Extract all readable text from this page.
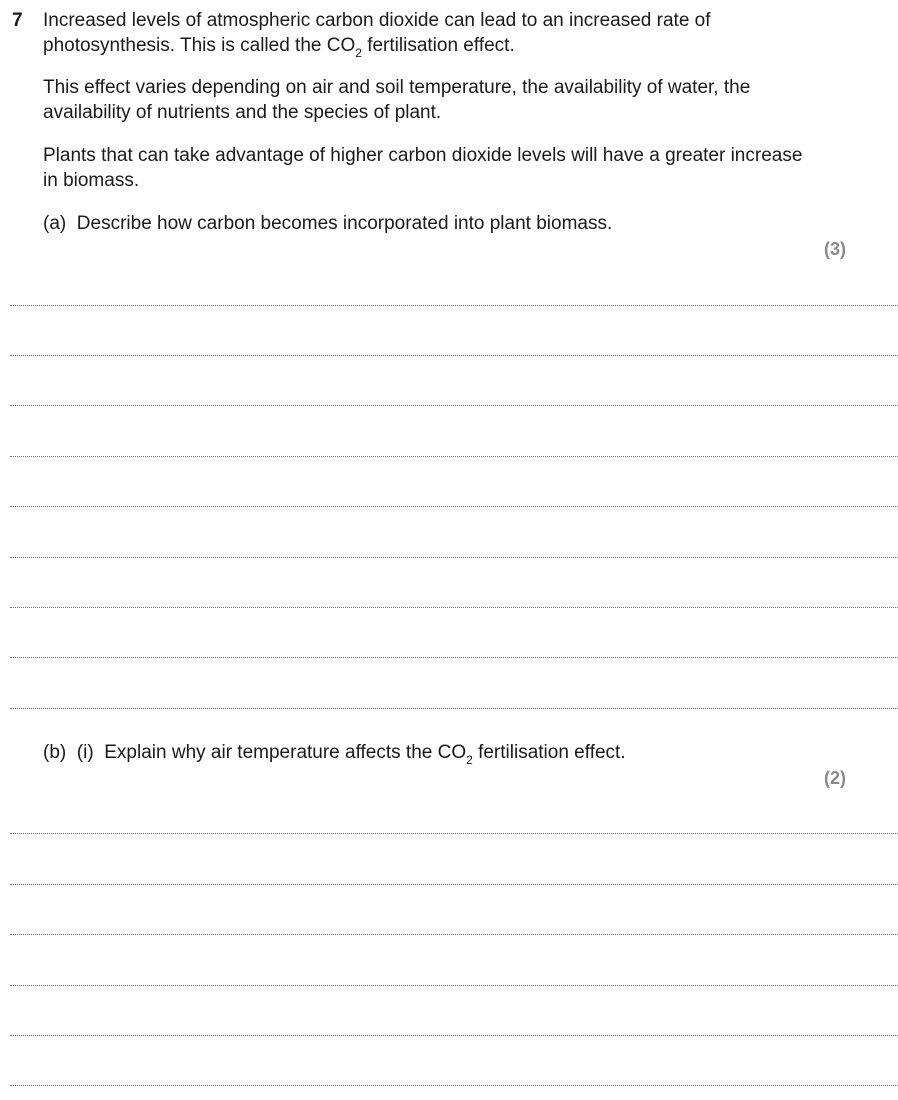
7 Increased levels of atmospheric carbon dioxide can lead to an increased rate of
photosynthesis. This is called the $CO_2$ fertilisation effect.

This effect varies depending on air and soil temperature, the availability of water, the availability of nutrients and the species of plant.

Plants that can take advantage of higher carbon dioxide levels will have a greater increase in biomass.

(a) Describe how carbon becomes incorporated into plant biomass.

(3)

(b) (i) Explain why air temperature affects the $CO_2$ fertilisation effect.

(2)
